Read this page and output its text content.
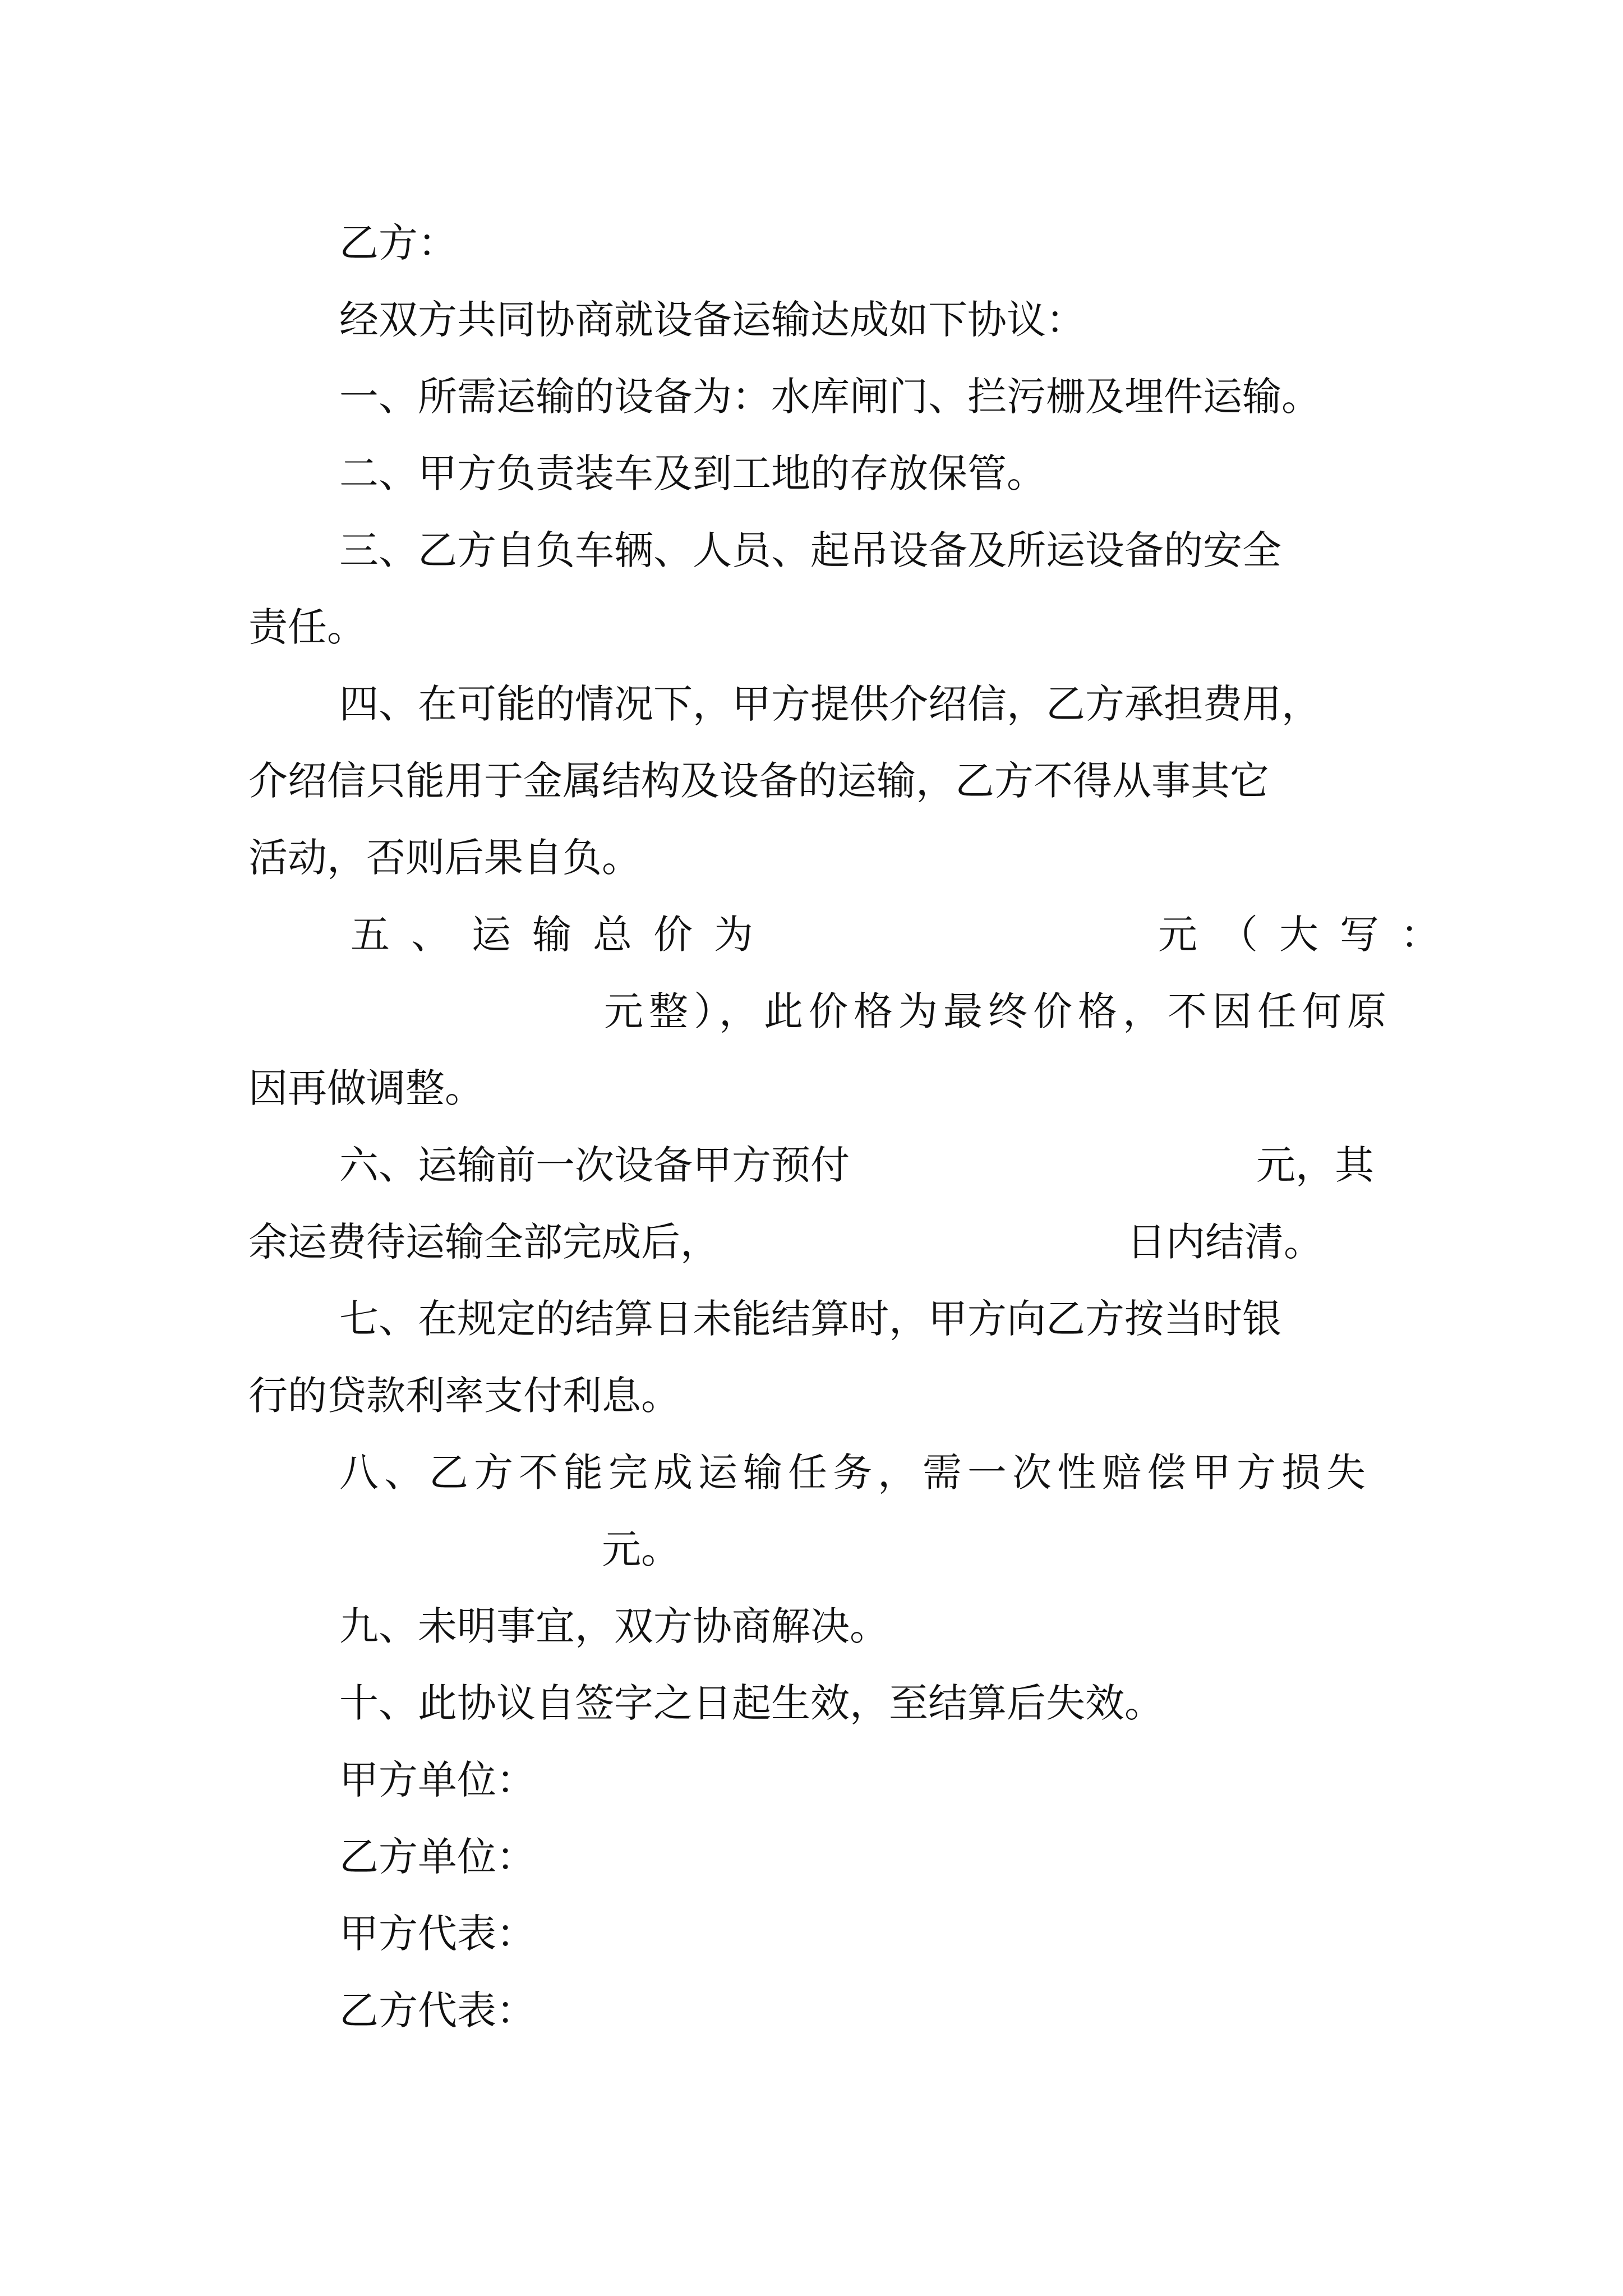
乙方：
经双方共同协商就设备运输达成如下协议：
一、所需运输的设备为：水库闸门、拦污栅及埋件运输。
二、甲方负责装车及到工地的存放保管。
三、乙方自负车辆、人员、起吊设备及所运设备的安全
责任。
四、在可能的情况下，甲方提供介绍信，乙方承担费用，
介绍信只能用于金属结构及设备的运输，乙方不得从事其它
活动，否则后果自负。
五、运输总价为	元（大写：
元整），此价格为最终价格，不因任何原
因再做调整。
六、运输前一次设备甲方预付	元，其
余运费待运输全部完成后，	日内结清。
七、在规定的结算日未能结算时，甲方向乙方按当时银
行的贷款利率支付利息。
八、乙方不能完成运输任务，需一次性赔偿甲方损失
元。
九、未明事宜，双方协商解决。
十、此协议自签字之日起生效，至结算后失效。
甲方单位：
乙方单位：
甲方代表：
乙方代表：
